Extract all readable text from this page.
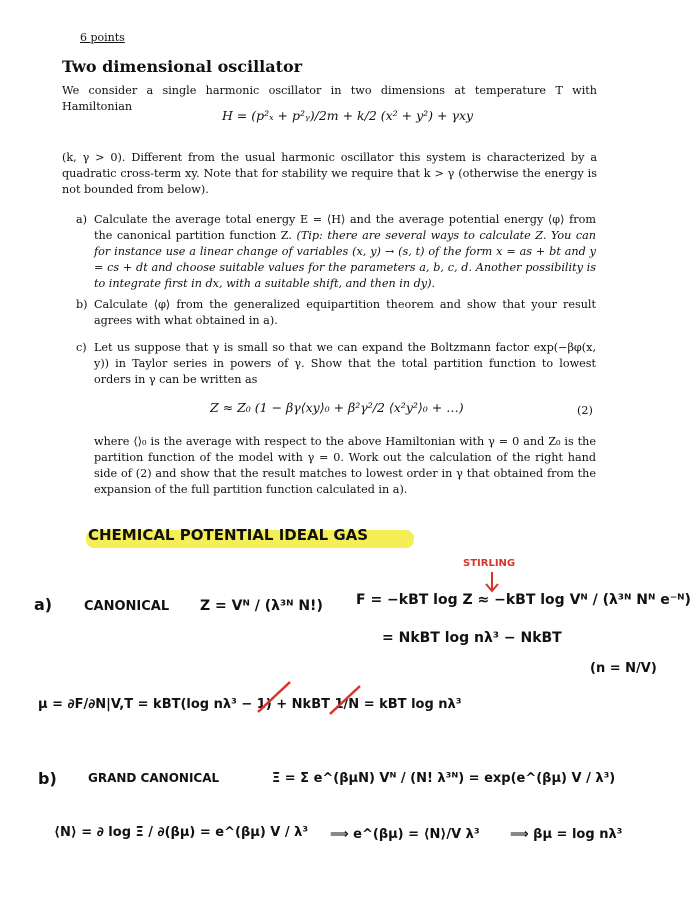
6 points
Two dimensional oscillator

We consider a single harmonic oscillator in two dimensions at temperature T with Hamiltonian

H = (p²ₓ + p²ᵧ)/2m + k/2 (x² + y²) + γxy

(k, γ > 0). Different from the usual harmonic oscillator this system is characterized by a quadratic cross-term xy. Note that for stability we require that k > γ (otherwise the energy is not bounded from below).

a) Calculate the average total energy E = ⟨H⟩ and the average potential energy ⟨φ⟩ from the canonical partition function Z. (Tip: there are several ways to calculate Z. You can for instance use a linear change of variables (x, y) → (s, t) of the form x = as + bt and y = cs + dt and choose suitable values for the parameters a, b, c, d. Another possibility is to integrate first in dx, with a suitable shift, and then in dy).
b) Calculate ⟨φ⟩ from the generalized equipartition theorem and show that your result agrees with what obtained in a).
c) Let us suppose that γ is small so that we can expand the Boltzmann factor exp(−βφ(x, y)) in Taylor series in powers of γ. Show that the total partition function to lowest orders in γ can be written as
Z ≈ Z₀ (1 − βγ⟨xy⟩₀ + β²γ²/2 ⟨x²y²⟩₀ + …)	(2)
where ⟨⟩₀ is the average with respect to the above Hamiltonian with γ = 0 and Z₀ is the partition function of the model with γ = 0. Work out the calculation of the right hand side of (2) and show that the result matches to lowest order in γ that obtained from the expansion of the full partition function calculated in a).
CHEMICAL POTENTIAL IDEAL GAS
STIRLING
a) CANONICAL Z = Vᴺ / (λ³ᴺ N!) F = −kBT log Z ≈ −kBT log Vᴺ / (λ³ᴺ Nᴺ e⁻ᴺ)
= NkBT log nλ³ − NkBT
(n = N/V)
μ = ∂F/∂N|V,T = kBT(log nλ³ − 1) + NkBT 1/N = kBT log nλ³
b)	GRAND CANONICAL	Ξ = Σ e^(βμN) Vᴺ / (N! λ³ᴺ) = exp(e^(βμ) V / λ³)
⟨N⟩ = ∂ log Ξ / ∂(βμ) = e^(βμ) V / λ³ ⟹ e^(βμ) = ⟨N⟩/V λ³ ⟹ βμ = log nλ³
